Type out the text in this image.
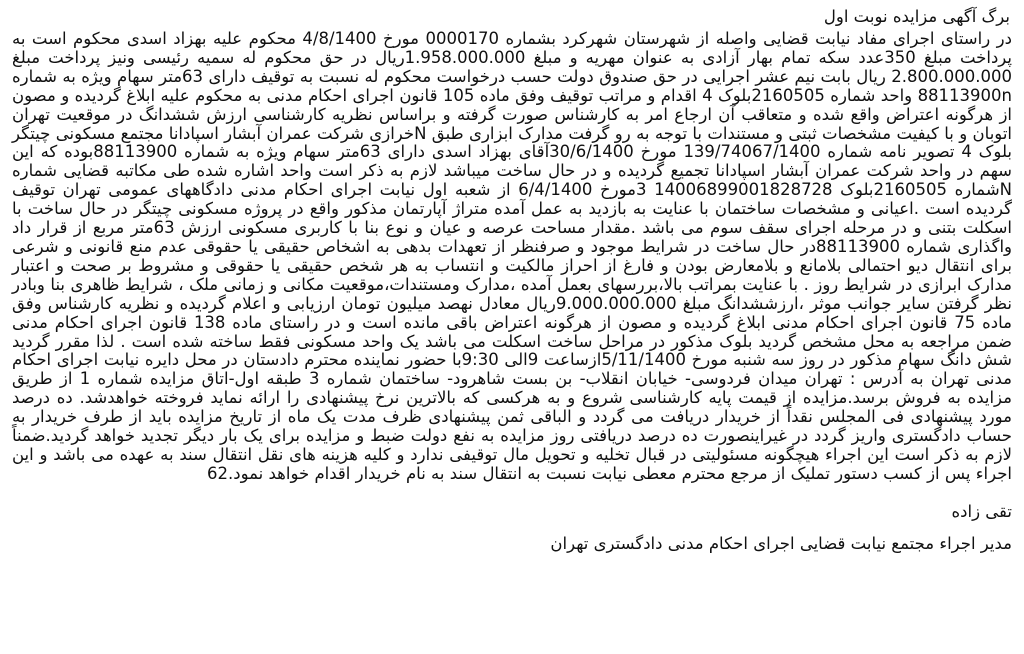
برگ آگهی مزایده نوبت اول

در راستای اجرای مفاد نیابت قضایی واصله از شهرستان شهرکرد بشماره 0000170 مورخ 4/8/1400 محکوم علیه بهزاد اسدی محکوم است به پرداخت مبلغ 350عدد سکه تمام بهار آزادی به عنوان مهریه و مبلغ 1.958.000.000ریال در حق محکوم له سمیه رئیسی ونیز پرداخت مبلغ 2.800.000.000 ریال بابت نیم عشر اجرایی در حق صندوق دولت حسب درخواست محکوم له نسبت به توقیف دارای 63متر سهام ویژه به شماره 88113900n واحد شماره 2160505بلوک 4 اقدام و مراتب توقیف وفق ماده 105 قانون اجرای احکام مدنی به محکوم علیه ابلاغ گردیده و مصون از هرگونه اعتراض واقع شده و متعاقب آن ارجاع امر به کارشناس صورت گرفته و براساس نظریه کارشناسی ارزش ششدانگ در موقعیت تهران اتوبان و با کیفیت مشخصات ثبتی و مستندات با توجه به رو گرفت مدارک ابزاری طبق Nخرازی شرکت عمران آبشار اسپادانا مجتمع مسکونی چیتگر بلوک 4 تصویر نامه شماره 139/74067/1400 مورخ 30/6/1400آقای بهزاد اسدی دارای 63متر سهام ویژه به شماره 88113900بوده که این سهم در واحد شرکت عمران آبشار اسپادانا تجمیع گردیده و در حال ساخت میباشد لازم به ذکر است واحد اشاره شده طی مکاتبه قضایی شماره Nشماره 2160505بلوک 14006899001828728 3مورخ 6/4/1400 از شعبه اول نیابت اجرای احکام مدنی دادگاههای عمومی تهران توقیف گردیده است .اعیانی و مشخصات ساختمان با عنایت به بازدید به عمل آمده متراژ آپارتمان مذکور واقع در پروژه مسکونی چیتگر در حال ساخت با اسکلت بتنی و در مرحله اجرای سقف سوم می باشد .مقدار مساحت عرصه و عیان و نوع بنا با کاربری مسکونی ارزش 63متر مربع از قرار داد واگذاری شماره 88113900در حال ساخت در شرایط موجود و صرفنظر از تعهدات بدهی به اشخاص حقیقی یا حقوقی عدم منع قانونی و شرعی برای انتقال دیو احتمالی بلامانع و بلامعارض بودن و فارغ از احراز مالکیت و انتساب به هر شخص حقیقی یا حقوقی و مشروط بر صحت و اعتبار مدارک ابرازی در شرایط روز . با عنایت بمراتب بالا،بررسهای بعمل آمده ،مدارک ومستندات،موقعیت مکانی و زمانی ملک ، شرایط ظاهری بنا وبادر نظر گرفتن سایر جوانب موثر ،ارزششدانگ مبلغ 9.000.000.000ریال معادل نهصد میلیون تومان ارزیابی و اعلام گردیده و نظریه کارشناس وفق ماده 75 قانون اجرای احکام مدنی ابلاغ گردیده و مصون از هرگونه اعتراض باقی مانده است و در راستای ماده 138 قانون اجرای احکام مدنی ضمن مراجعه به محل مشخص گردید بلوک مذکور در مراحل ساخت اسکلت می باشد یک واحد مسکونی فقط ساخته شده است . لذا مقرر گردید شش دانگ سهام مذکور در روز سه شنبه مورخ 5/11/1400ازساعت 9الی 9:30با حضور نماینده محترم دادستان در محل دایره نیابت اجرای احکام مدنی تهران به آدرس : تهران میدان فردوسی- خیابان انقلاب- بن بست شاهرود- ساختمان شماره 3 طبقه اول-اتاق مزایده شماره 1 از طریق مزایده به فروش برسد.مزایده از قیمت پایه کارشناسی شروع و به هرکسی که بالاترین نرخ پیشنهادی را ارائه نماید فروخته خواهدشد. ده درصد مورد پیشنهادی فی المجلس نقداً از خریدار دریافت می گردد و الباقی ثمن پیشنهادی ظرف مدت یک ماه از تاریخ مزایده باید از طرف خریدار به حساب دادگستری واریز گردد در غیراینصورت ده درصد دریافتی روز مزایده به نفع دولت ضبط و مزایده برای یک بار دیگر تجدید خواهد گردید.ضمناً لازم به ذکر است این اجراء هیچگونه مسئولیتی در قبال تخلیه و تحویل مال توقیفی ندارد و کلیه هزینه های نقل انتقال سند به عهده می باشد و این اجراء پس از کسب دستور تملیک از مرجع محترم معطی نیابت نسبت به انتقال سند به نام خریدار اقدام خواهد نمود.62

تقی زاده
مدیر اجراء مجتمع نیابت قضایی اجرای احکام مدنی دادگستری تهران
